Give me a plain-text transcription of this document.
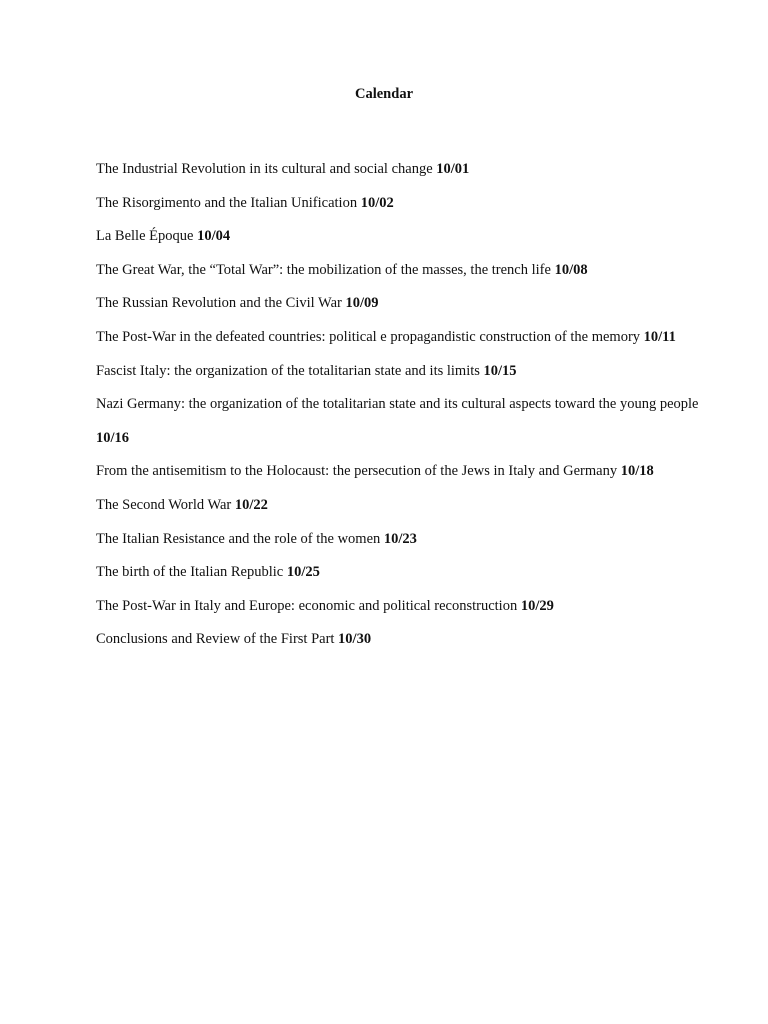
Calendar
The Industrial Revolution in its cultural and social change 10/01
The Risorgimento and the Italian Unification 10/02
La Belle Époque 10/04
The Great War, the “Total War”: the mobilization of the masses, the trench life 10/08
The Russian Revolution and the Civil War 10/09
The Post-War in the defeated countries: political e propagandistic construction of the memory 10/11
Fascist Italy: the organization of the totalitarian state and its limits 10/15
Nazi Germany: the organization of the totalitarian state and its cultural aspects toward the young people 10/16
From the antisemitism to the Holocaust: the persecution of the Jews in Italy and Germany 10/18
The Second World War 10/22
The Italian Resistance and the role of the women 10/23
The birth of the Italian Republic 10/25
The Post-War in Italy and Europe: economic and political reconstruction 10/29
Conclusions and Review of the First Part 10/30
